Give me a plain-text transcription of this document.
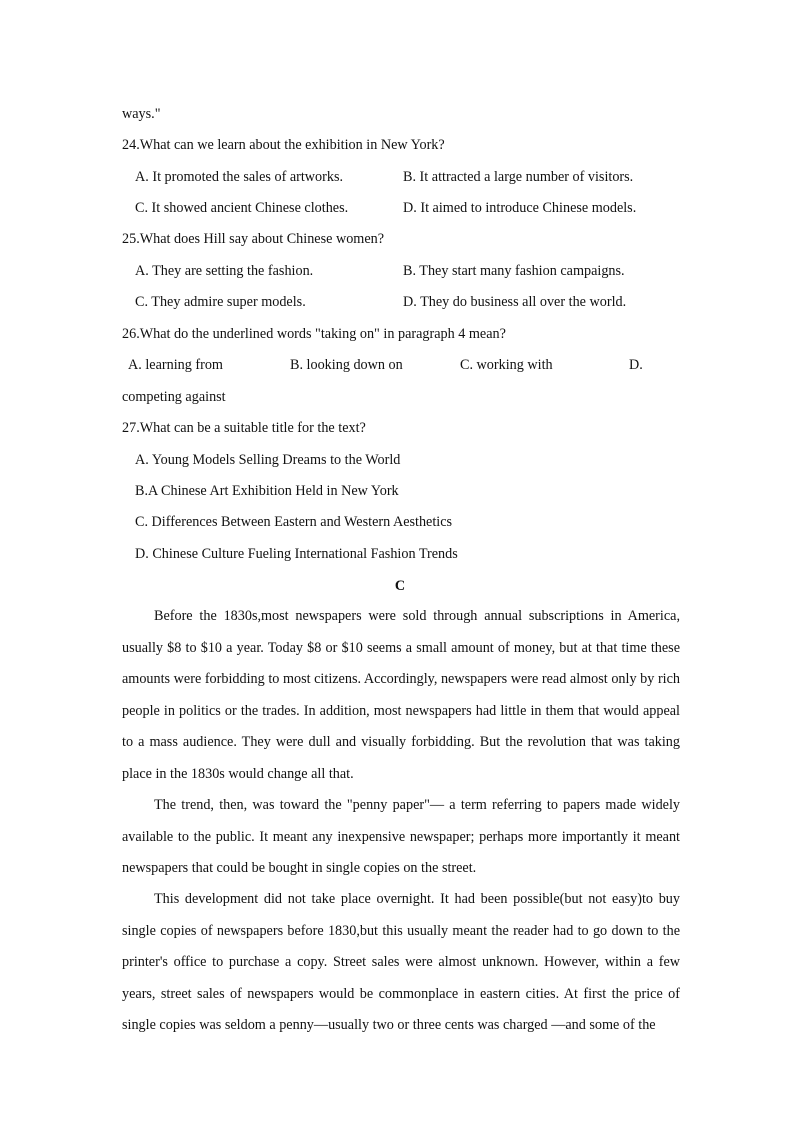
ways."
24.What can we learn about the exhibition in New York?
A. It promoted the sales of artworks.	B. It attracted a large number of visitors.
C. It showed ancient Chinese clothes.	D. It aimed to introduce Chinese models.
25.What does Hill say about Chinese women?
A. They are setting the fashion.	B. They start many fashion campaigns.
C. They admire super models.	D. They do business all over the world.
26.What do the underlined words "taking on" in paragraph 4 mean?
A. learning from	B. looking down on	C. working with	D.
competing against
27.What can be a suitable title for the text?
A. Young Models Selling Dreams to the World
B.A Chinese Art Exhibition Held in New York
C. Differences Between Eastern and Western Aesthetics
D. Chinese Culture Fueling International Fashion Trends
C

Before the 1830s,most newspapers were sold through annual subscriptions in America, usually $8 to $10 a year. Today $8 or $10 seems a small amount of money, but at that time these amounts were forbidding to most citizens. Accordingly, newspapers were read almost only by rich people in politics or the trades. In addition, most newspapers had little in them that would appeal to a mass audience. They were dull and visually forbidding. But the revolution that was taking place in the 1830s would change all that.

The trend, then, was toward the "penny paper"— a term referring to papers made widely available to the public. It meant any inexpensive newspaper; perhaps more importantly it meant newspapers that could be bought in single copies on the street.

This development did not take place overnight. It had been possible(but not easy)to buy single copies of newspapers before 1830,but this usually meant the reader had to go down to the printer's office to purchase a copy. Street sales were almost unknown. However, within a few years, street sales of newspapers would be commonplace in eastern cities. At first the price of single copies was seldom a penny—usually two or three cents was charged —and some of the
